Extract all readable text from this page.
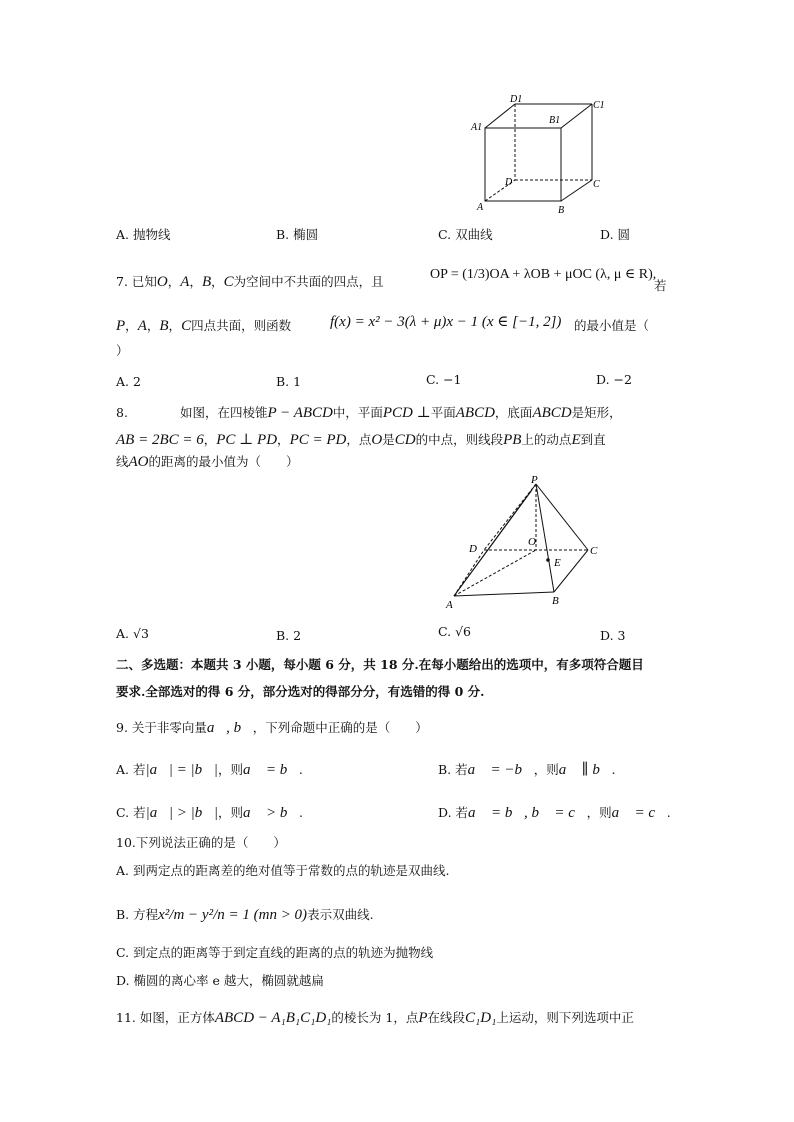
D1
C1
A1
B1
D	C
A	B
A. 抛物线	B. 椭圆	C. 双曲线	D. 圆
7. 已知O，A，B，C为空间中不共面的四点，且	OP = (1/3)OA + λOB + μOC (λ, μ ∈ R),
若
P，A，B，C四点共面，则函数	f(x) = x² − 3(λ + μ)x − 1 (x ∈ [−1, 2]) 的最小值是（
）
A. 2	B. 1	C. −1	D. −2
8.	如图，在四棱锥P − ABCD中，平面PCD ⊥平面ABCD，底面ABCD是矩形，
AB = 2BC = 6，PC ⊥ PD，PC = PD，点O是CD的中点，则线段PB上的动点E到直
线AO的距离的最小值为（　　）
P
D
O
C
E
A	B
A. √3	B. 2	C. √6	D. 3
二、多选题：本题共 3 小题，每小题 6 分，共 18 分.在每小题给出的选项中，有多项符合题目
要求.全部选对的得 6 分，部分选对的得部分分，有选错的得 0 分.
9. 关于非零向量a⃗, b⃗，下列命题中正确的是（　　）
A. 若|a⃗| = |b⃗|，则a⃗ = b⃗.	B. 若a⃗ = −b⃗，则a⃗ ∥ b⃗.
C. 若|a⃗| > |b⃗|，则a⃗ > b⃗.	D. 若a⃗ = b⃗, b⃗ = c⃗，则a⃗ = c⃗.
10.下列说法正确的是（　　）
A. 到两定点的距离差的绝对值等于常数的点的轨迹是双曲线.
B. 方程x²/m − y²/n = 1 (mn > 0)表示双曲线.
C. 到定点的距离等于到定直线的距离的点的轨迹为抛物线
D. 椭圆的离心率 e 越大，椭圆就越扁
11. 如图，正方体ABCD − A₁B₁C₁D₁的棱长为 1，点P在线段C₁D₁上运动，则下列选项中正
